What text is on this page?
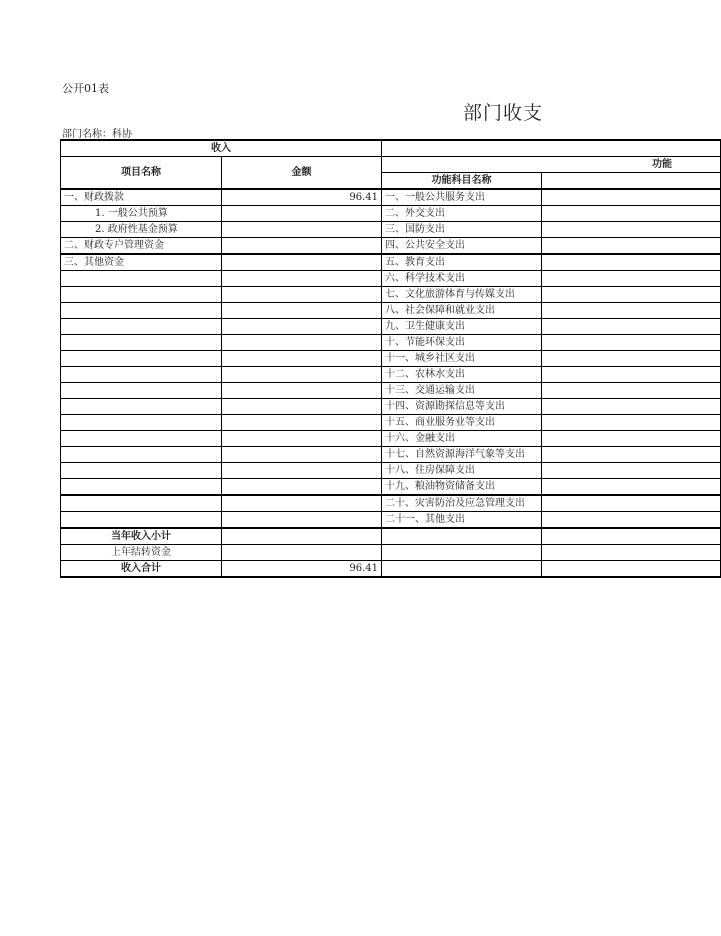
公开01表
部门收支
部门名称：科协
收入			
项目名称	金额	功能	
		功能科目名称	
一、财政拨款	96.41	一、一般公共服务支出	
1. 一般公共预算		二、外交支出	
2. 政府性基金预算		三、国防支出	
二、财政专户管理资金		四、公共安全支出	
三、其他资金		五、教育支出	
		六、科学技术支出	
		七、文化旅游体育与传媒支出	
		八、社会保障和就业支出	
		九、卫生健康支出	
		十、节能环保支出	
		十一、城乡社区支出	
		十二、农林水支出	
		十三、交通运输支出	
		十四、资源勘探信息等支出	
		十五、商业服务业等支出	
		十六、金融支出	
		十七、自然资源海洋气象等支出	
		十八、住房保障支出	
		十九、粮油物资储备支出	
		二十、灾害防治及应急管理支出	
		二十一、其他支出	
当年收入小计			
上年结转资金			
收入合计	96.41		
